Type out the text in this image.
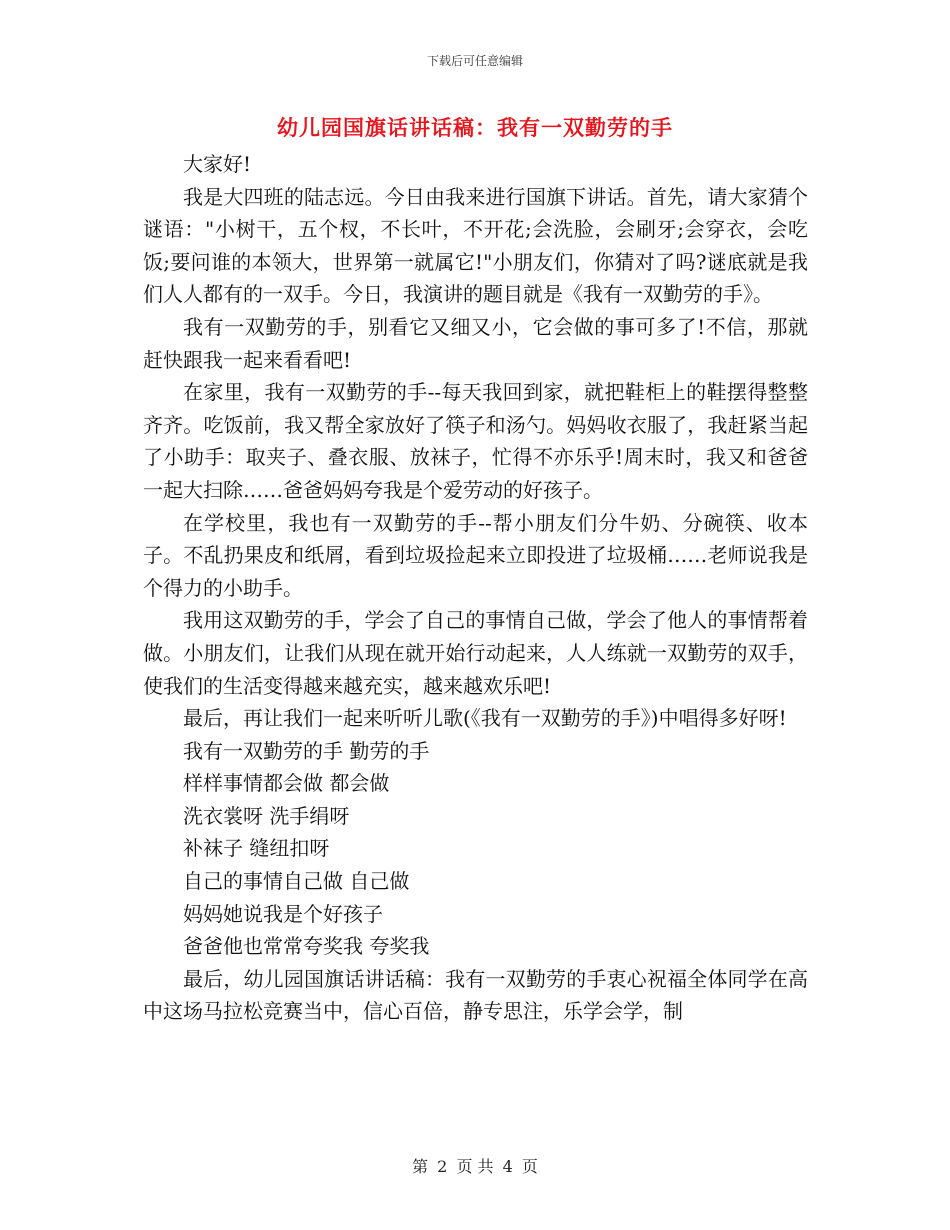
下载后可任意编辑
幼儿园国旗话讲话稿：我有一双勤劳的手

大家好!

我是大四班的陆志远。今日由我来进行国旗下讲话。首先，请大家猜个谜语："小树干，五个杈，不长叶，不开花;会洗脸，会刷牙;会穿衣，会吃饭;要问谁的本领大，世界第一就属它!"小朋友们，你猜对了吗?谜底就是我们人人都有的一双手。今日，我演讲的题目就是《我有一双勤劳的手》。

我有一双勤劳的手，别看它又细又小，它会做的事可多了!不信，那就赶快跟我一起来看看吧!

在家里，我有一双勤劳的手--每天我回到家，就把鞋柜上的鞋摆得整整齐齐。吃饭前，我又帮全家放好了筷子和汤勺。妈妈收衣服了，我赶紧当起了小助手：取夹子、叠衣服、放袜子，忙得不亦乐乎!周末时，我又和爸爸一起大扫除……爸爸妈妈夸我是个爱劳动的好孩子。

在学校里，我也有一双勤劳的手--帮小朋友们分牛奶、分碗筷、收本子。不乱扔果皮和纸屑，看到垃圾捡起来立即投进了垃圾桶……老师说我是个得力的小助手。

我用这双勤劳的手，学会了自己的事情自己做，学会了他人的事情帮着做。小朋友们，让我们从现在就开始行动起来，人人练就一双勤劳的双手，使我们的生活变得越来越充实，越来越欢乐吧!

最后，再让我们一起来听听儿歌(《我有一双勤劳的手》)中唱得多好呀!

我有一双勤劳的手 勤劳的手

样样事情都会做 都会做

洗衣裳呀 洗手绢呀

补袜子 缝纽扣呀

自己的事情自己做 自己做

妈妈她说我是个好孩子

爸爸他也常常夸奖我 夸奖我

最后，幼儿园国旗话讲话稿：我有一双勤劳的手衷心祝福全体同学在高中这场马拉松竞赛当中，信心百倍，静专思注，乐学会学，制

第 2 页 共 4 页
